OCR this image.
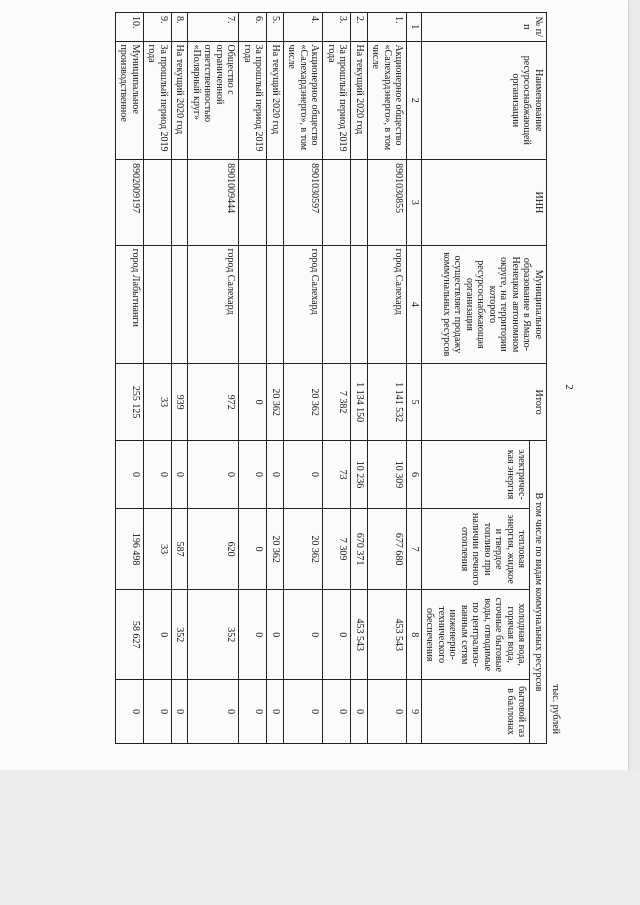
2
тыс. рублей
№ п/п	Наименование ресурсоснабжающей организации	ИНН	Муниципальное образование в Ямало-Ненецком автономном округе, на территории которого ресурсоснабжающая организация осуществляет продажу коммунальных ресурсов	Итого	В том числе по видам коммунальных ресурсов			
					электричес-кая энергия	тепловая энергия, жидкое и твердое топливо при наличии печного отопления	холодная вода, горячая вода, сточные бытовые воды, отводимые по централизо-ванным сетям инженерно-технического обеспечения	бытовой газ в баллонах
1	2	3	4	5	6	7	8	9
1.	Акционерное общество «Салехардэнерго», в том числе	8901030855	город Салехард	1 141 532	10 309	677 680	453 543	0
2.	На текущий 2020 год			1 134 150	10 236	670 371	453 543	0
3.	За прошлый период 2019 года			7 382	73	7 309	0	0
4.	Акционерное общество «Салехардэнерго», в том числе	8901030597	город Салехард	20 362	0	20 362	0	0
5.	На текущий 2020 год			20 362	0	20 362	0	0
6.	За прошлый период 2019 года			0	0	0	0	0
7.	Общество с ограниченной ответственностью «Полярный круг»	8901009444	город Салехард	972	0	620	352	0
8.	На текущий 2020 год			939	0	587	352	0
9.	За прошлый период 2019 года			33	0	33	0	0
10.	Муниципальное производственное	8902009197	город Лабытнанги	255 125	0	196 498	58 627	0
